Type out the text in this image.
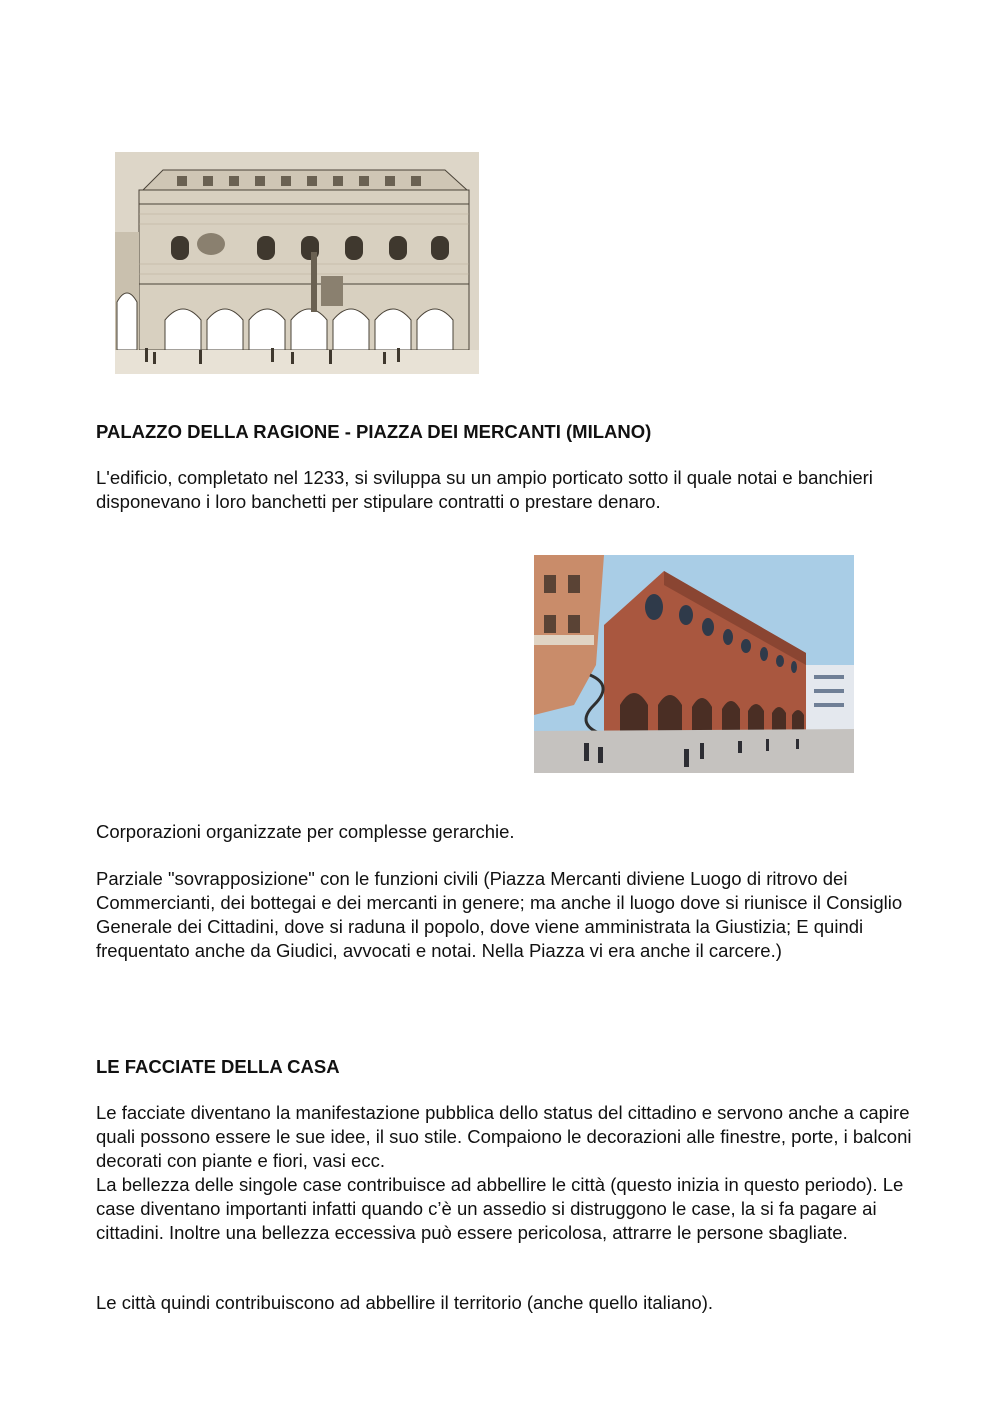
PALAZZO DELLA RAGIONE - PIAZZA DEI MERCANTI (MILANO)

L'edificio, completato nel 1233, si sviluppa su un ampio porticato sotto il quale notai e banchieri disponevano i loro banchetti per stipulare contratti o prestare denaro.

Corporazioni organizzate per complesse gerarchie.

Parziale "sovrapposizione" con le funzioni civili (Piazza Mercanti diviene Luogo di ritrovo dei Commercianti, dei bottegai e dei mercanti in genere; ma anche il luogo dove si riunisce il Consiglio Generale dei Cittadini, dove si raduna il popolo, dove viene amministrata la Giustizia; E quindi frequentato anche da Giudici, avvocati e notai. Nella Piazza vi era anche il carcere.)

LE FACCIATE DELLA CASA

Le facciate diventano la manifestazione pubblica dello status del cittadino e servono anche a capire quali possono essere le sue idee, il suo stile. Compaiono le decorazioni alle finestre, porte, i balconi decorati con piante e fiori, vasi ecc.

La bellezza delle singole case contribuisce ad abbellire le città (questo inizia in questo periodo). Le case diventano importanti infatti quando c’è un assedio si distruggono le case, la si fa pagare ai cittadini. Inoltre una bellezza eccessiva può essere pericolosa, attrarre le persone sbagliate.

Le città quindi contribuiscono ad abbellire il territorio (anche quello italiano).
